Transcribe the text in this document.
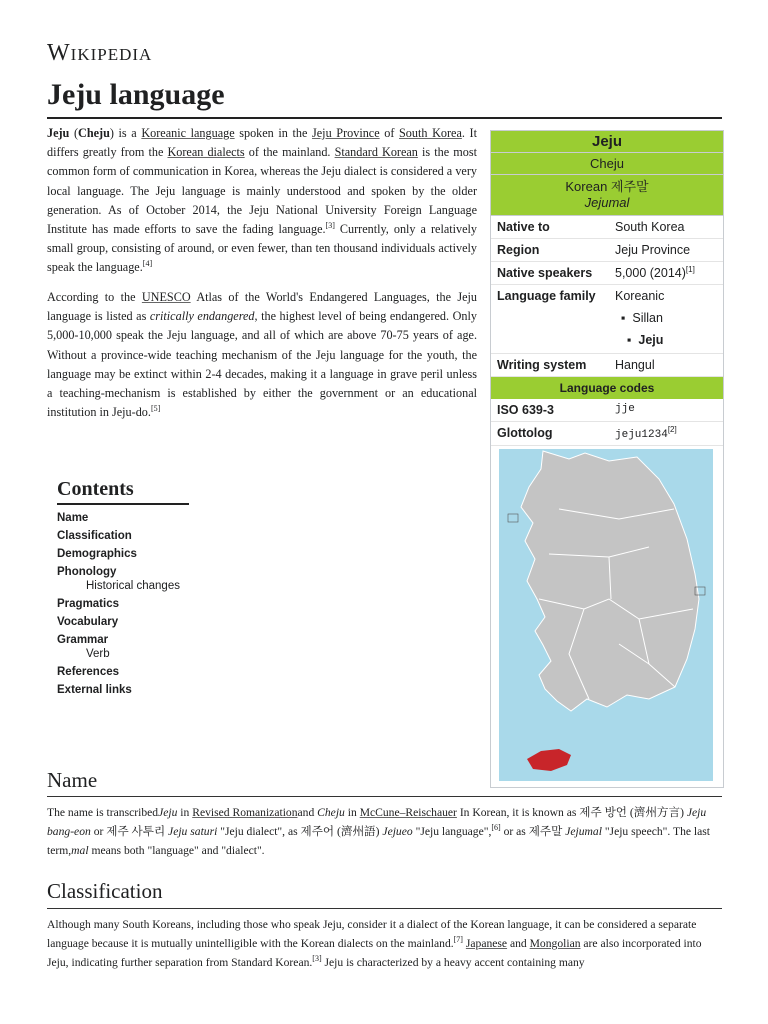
Wikipedia
Jeju language

Jeju (Cheju) is a Koreanic language spoken in the Jeju Province of South Korea. It differs greatly from the Korean dialects of the mainland. Standard Korean is the most common form of communication in Korea, whereas the Jeju dialect is considered a very local language. The Jeju language is mainly understood and spoken by the older generation. As of October 2014, the Jeju National University Foreign Language Institute has made efforts to save the fading language.[3] Currently, only a relatively small group, consisting of around, or even fewer, than ten thousand individuals actively speak the language.[4]

According to the UNESCO Atlas of the World's Endangered Languages, the Jeju language is listed as critically endangered, the highest level of being endangered. Only 5,000-10,000 speak the Jeju language, and all of which are above 70-75 years of age. Without a province-wide teaching mechanism of the Jeju language for the youth, the language may be extinct within 2-4 decades, making it a language in grave peril unless a teaching-mechanism is established by either the government or an educational institution in Jeju-do.[5]

Jeju
Cheju
Korean 제주말
Jejumal
Native to	South Korea
Region	Jeju Province
Native speakers	5,000 (2014)[1]
Language family	Koreanic
▪  Sillan
▪  Jeju
Writing system	Hangul
Language codes
ISO 639-3	jje
Glottolog	jeju1234[2]
Contents
Name
Classification
Demographics
Phonology
Historical changes
Pragmatics
Vocabulary
Grammar
Verb
References
External links
Name

The name is transcribedJeju in Revised Romanizationand Cheju in McCune–Reischauer In Korean, it is known as 제주 방언 (濟州方言) Jeju bang-eon or 제주 사투리 Jeju saturi "Jeju dialect", as 제주어 (濟州語) Jejueo "Jeju language",[6] or as 제주말 Jejumal "Jeju speech". The last term,mal means both "language" and "dialect".

Classification

Although many South Koreans, including those who speak Jeju, consider it a dialect of the Korean language, it can be considered a separate language because it is mutually unintelligible with the Korean dialects on the mainland.[7] Japanese and Mongolian are also incorporated into Jeju, indicating further separation from Standard Korean.[3] Jeju is characterized by a heavy accent containing many
